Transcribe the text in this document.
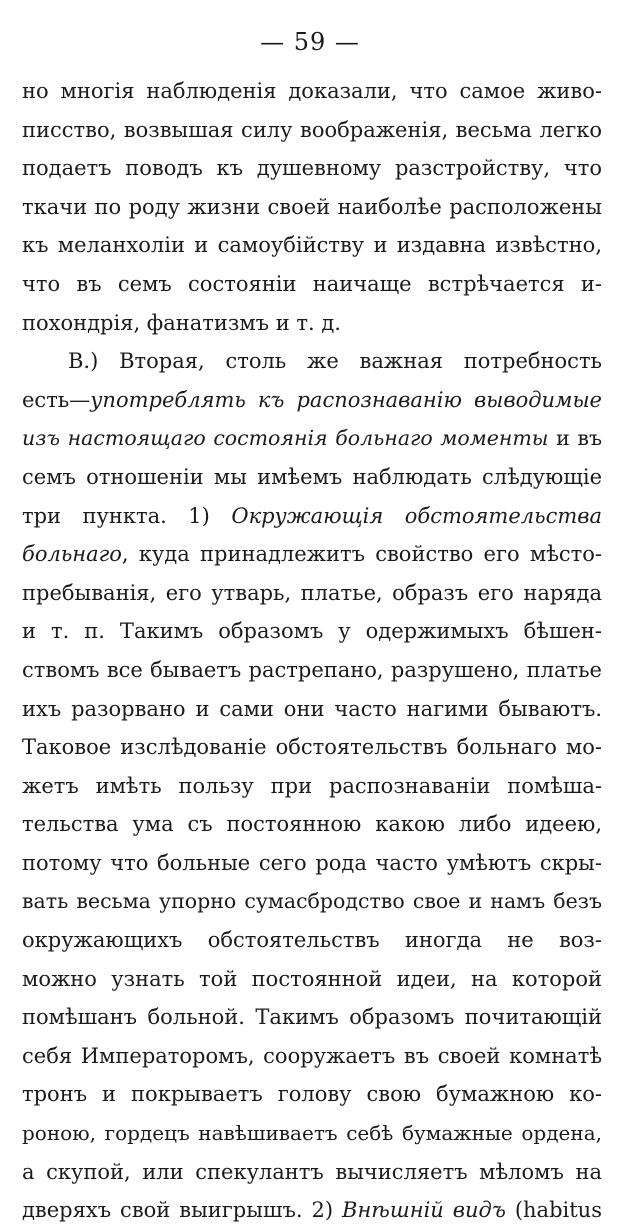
— 59 —
но многія наблюденія доказали, что самое живо-
писство, возвышая силу воображенія, весьма легко
подаетъ поводъ къ душевному разстройству, что
ткачи по роду жизни своей наиболѣе расположены
къ меланхоліи и самоубійству и издавна извѣстно,
что въ семъ состояніи наичаще встрѣчается и-
похондрія, фанатизмъ и т. д.
B.) Вторая, столь же важная потребность
есть—употреблять къ распознаванію выводимые
изъ настоящаго состоянія больнаго моменты и въ
семъ отношеніи мы имѣемъ наблюдать слѣдующіе
три пункта. 1) Окружающія обстоятельства
больнаго, куда принадлежитъ свойство его мѣсто-
пребыванія, его утварь, платье, образъ его наряда
и т. п. Такимъ образомъ у одержимыхъ бѣшен-
ствомъ все бываетъ растрепано, разрушено, платье
ихъ разорвано и сами они часто нагими бываютъ.
Таковое изслѣдованіе обстоятельствъ больнаго мо-
жетъ имѣть пользу при распознаваніи помѣша-
тельства ума съ постоянною какою либо идеею,
потому что больные сего рода часто умѣютъ скры-
вать весьма упорно сумасбродство свое и намъ безъ
окружающихъ обстоятельствъ иногда не воз-
можно узнать той постоянной идеи, на которой
помѣшанъ больной. Такимъ образомъ почитающій
себя Императоромъ, сооружаетъ въ своей комнатѣ
тронъ и покрываетъ голову свою бумажною ко-
роною, гордецъ навѣшиваетъ себѣ бумажные ордена,
а скупой, или спекулантъ вычисляетъ мѣломъ на
дверяхъ свой выигрышъ. 2) Внѣшній видъ (habitus
